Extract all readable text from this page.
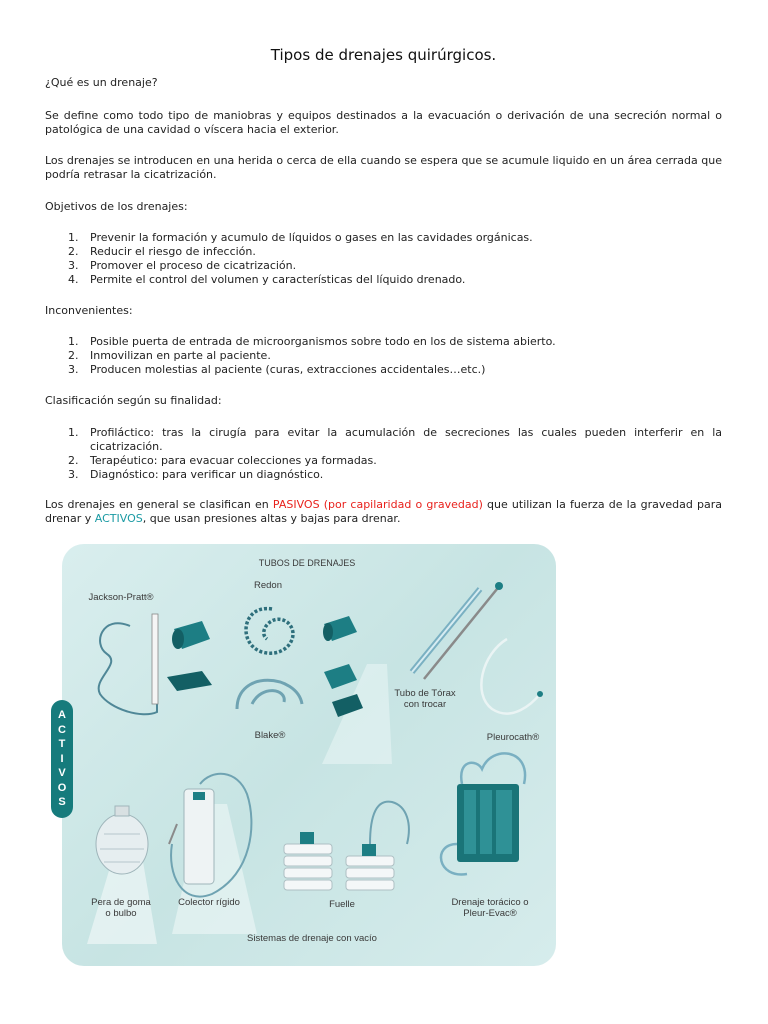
Tipos de drenajes quirúrgicos.

¿Qué es un drenaje?

Se define como todo tipo de maniobras y equipos destinados a la evacuación o derivación de una secreción normal o patológica de una cavidad o víscera hacia el exterior.

Los drenajes se introducen en una herida o cerca de ella cuando se espera que se acumule liquido en un área cerrada que podría retrasar la cicatrización.

Objetivos de los drenajes:

1. Prevenir la formación y acumulo de líquidos o gases en las cavidades orgánicas.
2. Reducir el riesgo de infección.
3. Promover el proceso de cicatrización.
4. Permite el control del volumen y características del líquido drenado.

Inconvenientes:

1. Posible puerta de entrada de microorganismos sobre todo en los de sistema abierto.
2. Inmovilizan en parte al paciente.
3. Producen molestias al paciente (curas, extracciones accidentales…etc.)

Clasificación según su finalidad:

1. Profiláctico: tras la cirugía para evitar la acumulación de secreciones las cuales pueden interferir en la cicatrización.
2. Terapéutico: para evacuar colecciones ya formadas.
3. Diagnóstico: para verificar un diagnóstico.

Los drenajes en general se clasifican en PASIVOS (por capilaridad o gravedad) que utilizan la fuerza de la gravedad para drenar y ACTIVOS, que usan presiones altas y bajas para drenar.

TUBOS DE DRENAJES
Jackson-Pratt®
Redon
Blake®
Tubo de Tórax
con trocar
Pleurocath®
Pera de goma
o bulbo
Colector rígido	Fuelle	Drenaje torácico o
Pleur-Evac®
Sistemas de drenaje con vacío
A
C
T
I
V
O
S
